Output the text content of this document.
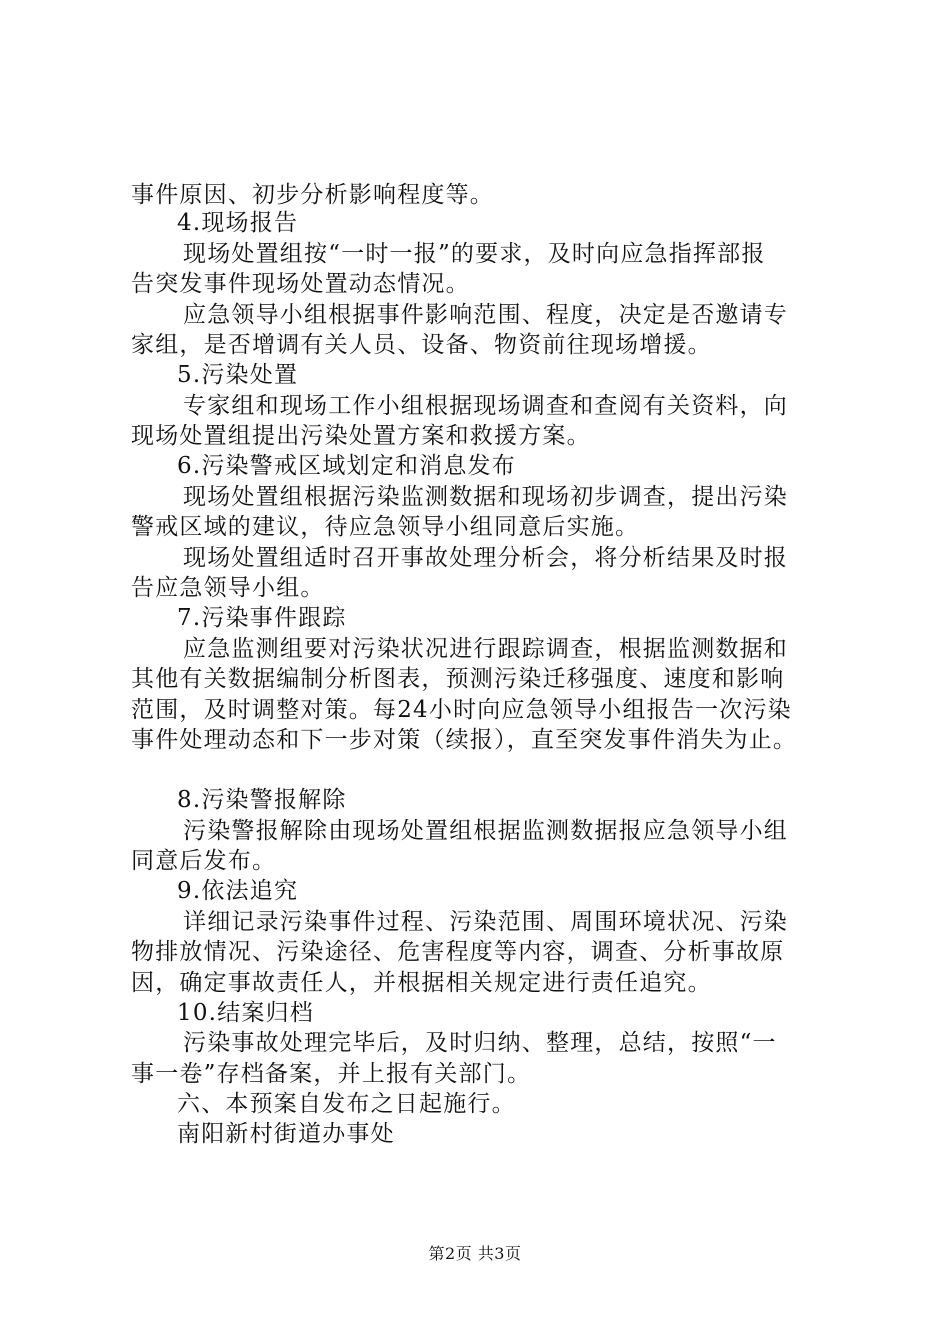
事件原因、初步分析影响程度等。
4.现场报告
现场处置组按“一时一报”的要求，及时向应急指挥部报
告突发事件现场处置动态情况。
应急领导小组根据事件影响范围、程度，决定是否邀请专
家组，是否增调有关人员、设备、物资前往现场增援。
5.污染处置
专家组和现场工作小组根据现场调查和查阅有关资料，向
现场处置组提出污染处置方案和救援方案。
6.污染警戒区域划定和消息发布
现场处置组根据污染监测数据和现场初步调查，提出污染
警戒区域的建议，待应急领导小组同意后实施。
现场处置组适时召开事故处理分析会，将分析结果及时报
告应急领导小组。
7.污染事件跟踪
应急监测组要对污染状况进行跟踪调查，根据监测数据和
其他有关数据编制分析图表，预测污染迁移强度、速度和影响
范围，及时调整对策。每24小时向应急领导小组报告一次污染
事件处理动态和下一步对策（续报），直至突发事件消失为止。
8.污染警报解除
污染警报解除由现场处置组根据监测数据报应急领导小组
同意后发布。
9.依法追究
详细记录污染事件过程、污染范围、周围环境状况、污染
物排放情况、污染途径、危害程度等内容，调查、分析事故原
因，确定事故责任人，并根据相关规定进行责任追究。
10.结案归档
污染事故处理完毕后，及时归纳、整理，总结，按照“一
事一卷”存档备案，并上报有关部门。
六、本预案自发布之日起施行。
南阳新村街道办事处
第2页 共3页
